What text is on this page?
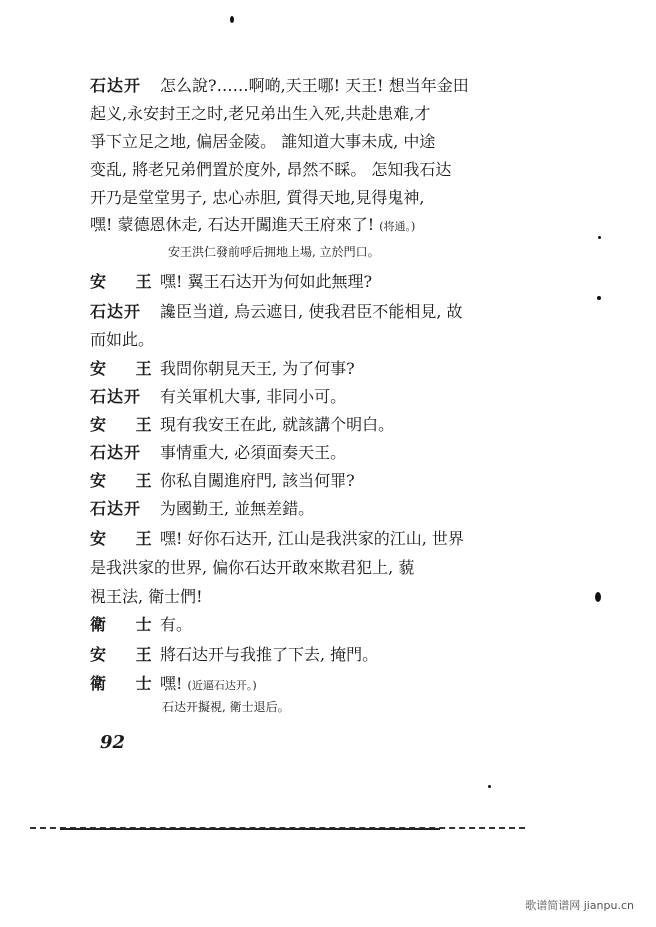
石达开 怎么說?……啊啲,天王哪! 天王! 想当年金田
起义,永安封王之时,老兄弟出生入死,共赴患难,才
爭下立足之地, 偏居金陵。 誰知道大事未成, 中途
变乱, 將老兄弟們置於度外, 昂然不睬。 怎知我石达
开乃是堂堂男子, 忠心赤胆, 質得天地,見得鬼神,
嘿! 蒙德恩休走, 石达开闖進天王府來了! (将通。)
安王洪仁發前呼后拥地上場, 立於門口。
安 王嘿! 翼王石达开为何如此無理?
石达开 讒臣当道, 烏云遮日, 使我君臣不能相見, 故
而如此。
安 王我問你朝見天王, 为了何事?
石达开 有关軍机大事, 非同小可。
安 王現有我安王在此, 就該講个明白。
石达开 事情重大, 必須面奏天王。
安 王你私自闖進府門, 該当何罪?
石达开 为國勤王, 並無差錯。
安 王嘿! 好你石达开, 江山是我洪家的江山, 世界
是我洪家的世界, 偏你石达开敢來欺君犯上, 藐
視王法, 衛士們!
衛 士有。
安 王將石达开与我推了下去, 掩門。
衛 士嘿! (近逼石达开。)
石达开擬視, 衛士退后。
92
歌谱简谱网 jianpu.cn
